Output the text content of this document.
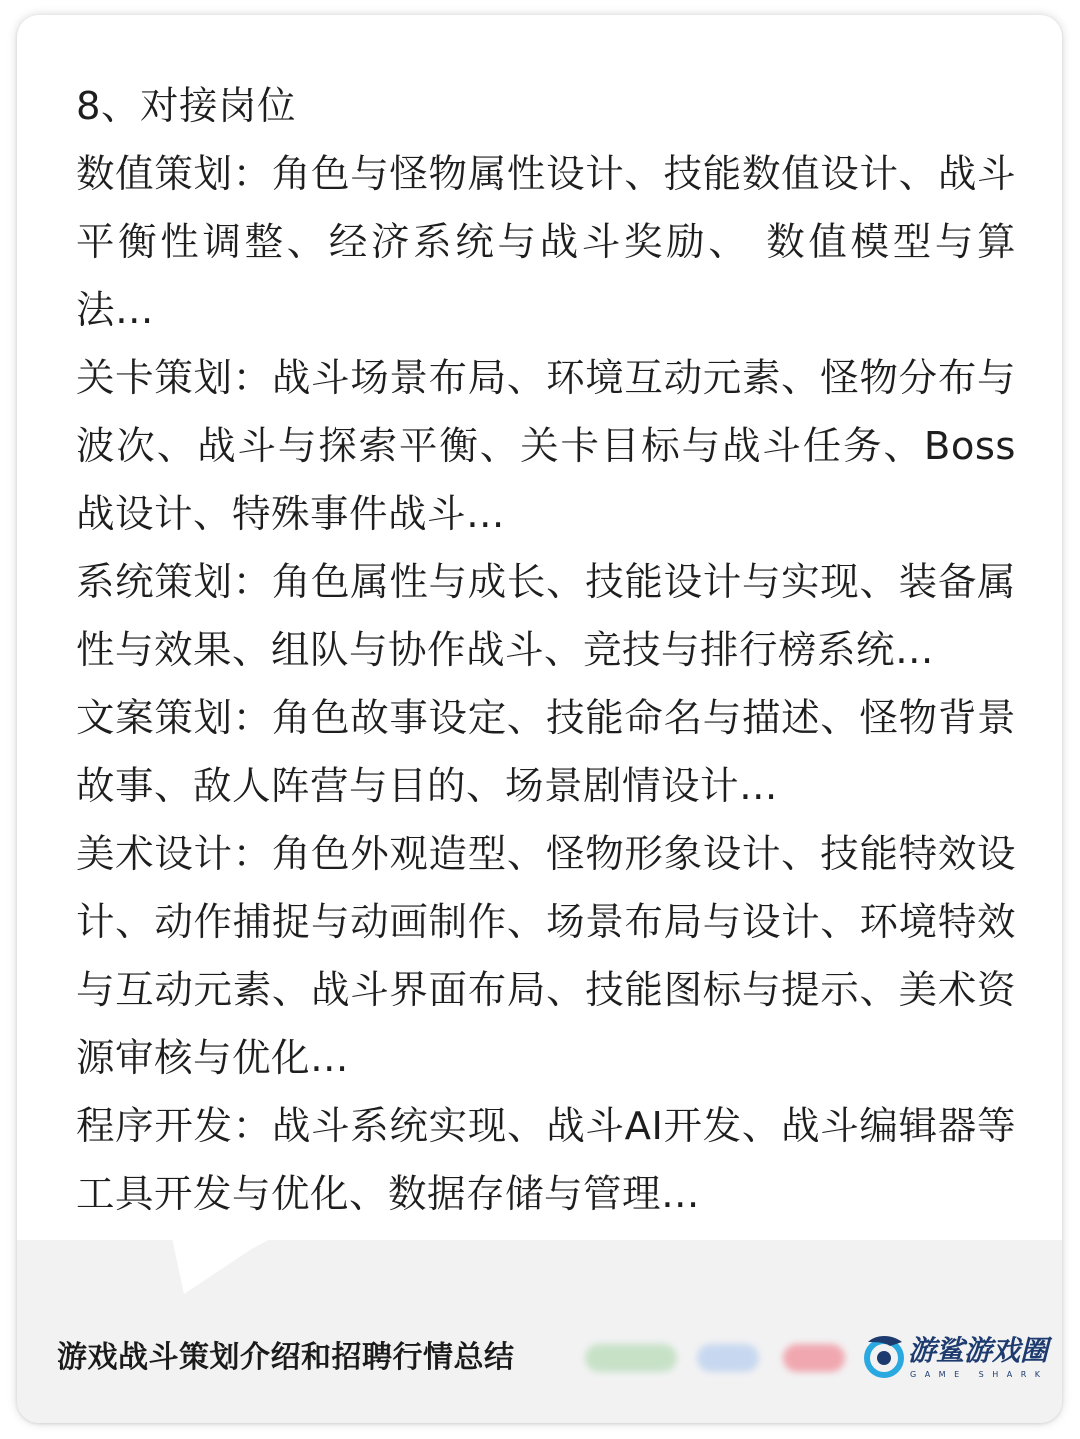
8、对接岗位

数值策划：角色与怪物属性设计、技能数值设计、战斗平衡性调整、经济系统与战斗奖励、 数值模型与算法…

关卡策划：战斗场景布局、环境互动元素、怪物分布与波次、战斗与探索平衡、关卡目标与战斗任务、Boss战设计、特殊事件战斗…

系统策划：角色属性与成长、技能设计与实现、装备属性与效果、组队与协作战斗、竞技与排行榜系统…

文案策划：角色故事设定、技能命名与描述、怪物背景故事、敌人阵营与目的、场景剧情设计…

美术设计：角色外观造型、怪物形象设计、技能特效设计、动作捕捉与动画制作、场景布局与设计、环境特效与互动元素、战斗界面布局、技能图标与提示、美术资源审核与优化…

程序开发：战斗系统实现、战斗AI开发、战斗编辑器等工具开发与优化、数据存储与管理…

游戏战斗策划介绍和招聘行情总结	游鲨游戏圈
GAME SHARK
